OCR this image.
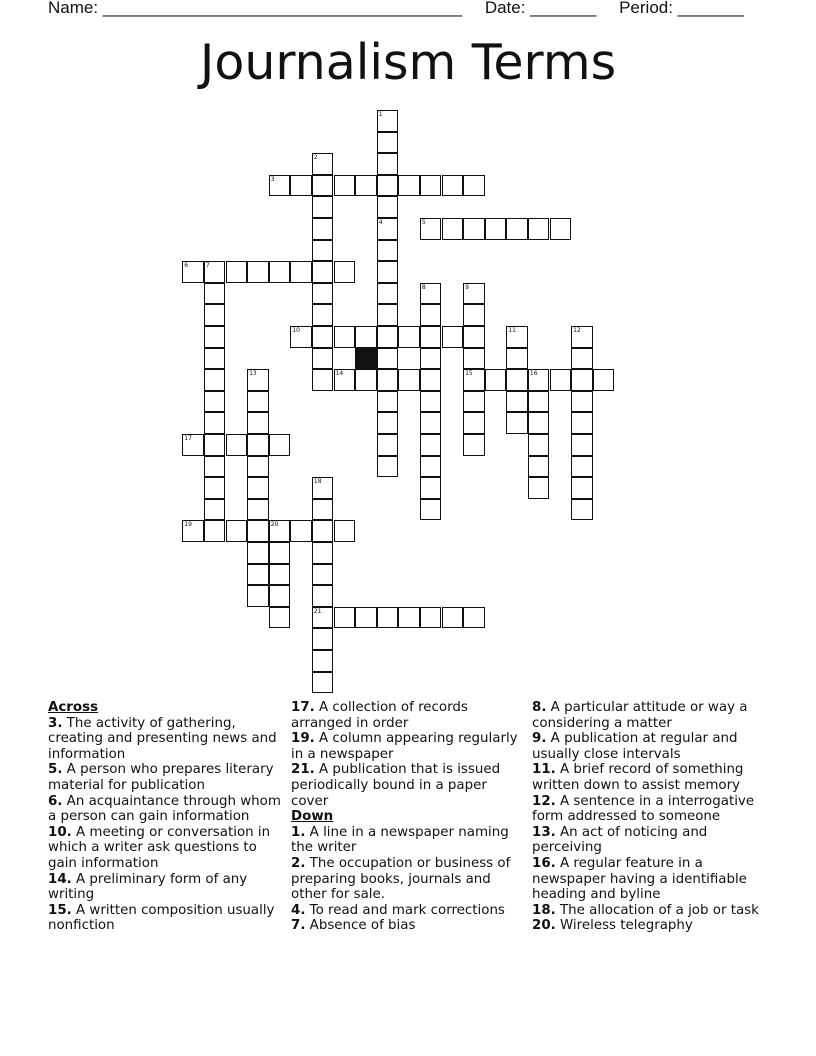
Name: ______________________________________ Date: _______ Period: _______
Journalism Terms
3
5
6	7
10
14	15	16
17
19	20
21
1
4
2
8	9
11	12
13
18
Across
3. The activity of gathering, creating and presenting news and information
5. A person who prepares literary material for publication
6. An acquaintance through whom a person can gain information
10. A meeting or conversation in which a writer ask questions to gain information
14. A preliminary form of any writing
15. A written composition usually nonfiction
17. A collection of records arranged in order
19. A column appearing regularly in a newspaper
21. A publication that is issued periodically bound in a paper cover
Down
1. A line in a newspaper naming the writer
2. The occupation or business of preparing books, journals and other for sale.
4. To read and mark corrections
7. Absence of bias
8. A particular attitude or way a considering a matter
9. A publication at regular and usually close intervals
11. A brief record of something written down to assist memory
12. A sentence in a interrogative form addressed to someone
13. An act of noticing and perceiving
16. A regular feature in a newspaper having a identifiable heading and byline
18. The allocation of a job or task
20. Wireless telegraphy
